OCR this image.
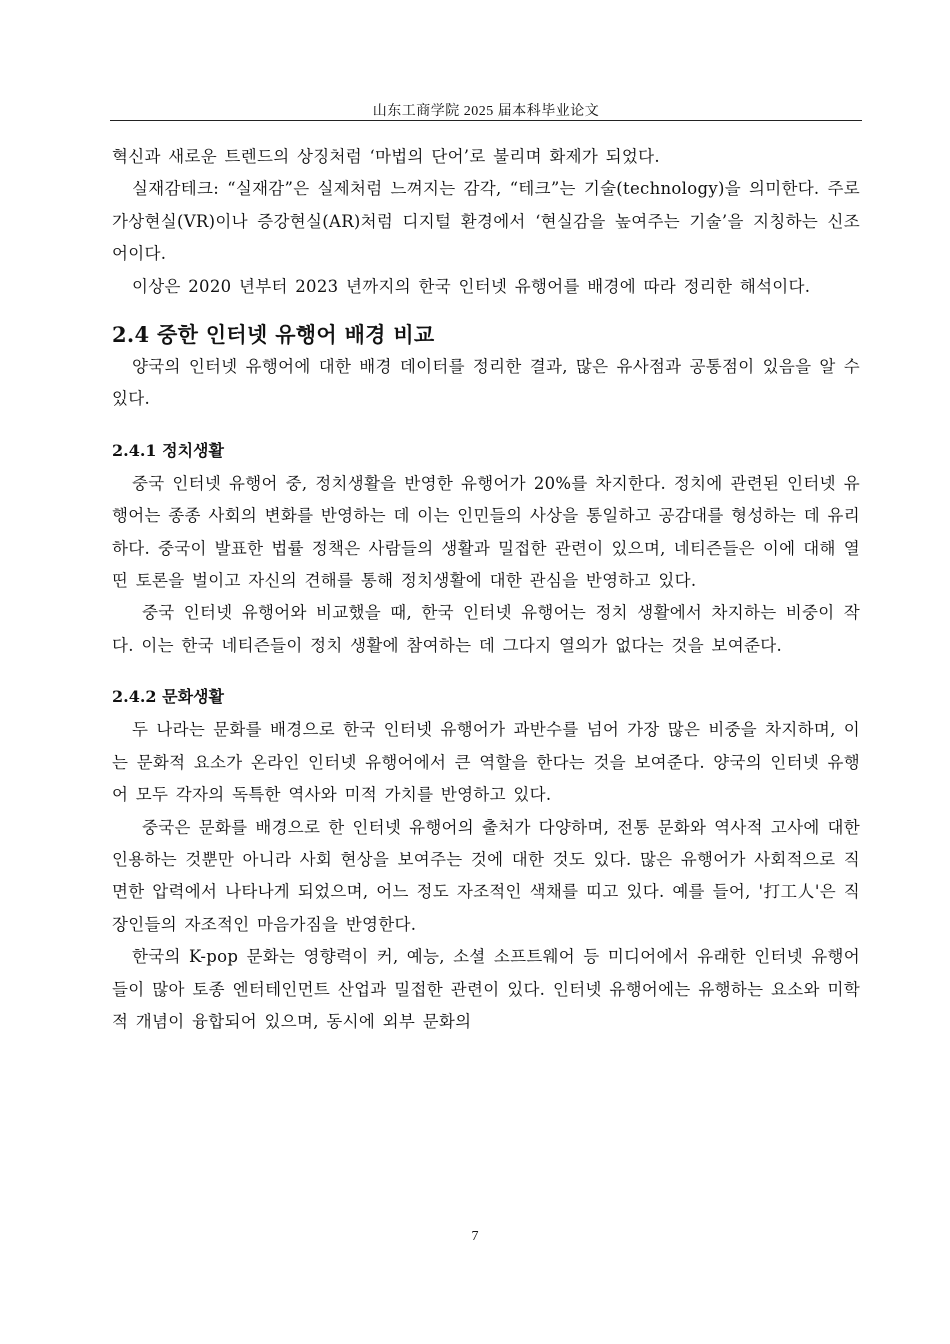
山东工商学院 2025 届本科毕业论文

혁신과 새로운 트렌드의 상징처럼 ‘마법의 단어’로 불리며 화제가 되었다.

실재감테크: “실재감”은 실제처럼 느껴지는 감각, “테크”는 기술(technology)을 의미한다. 주로 가상현실(VR)이나 증강현실(AR)처럼 디지털 환경에서 ‘현실감을 높여주는 기술’을 지칭하는 신조어이다.

이상은 2020 년부터 2023 년까지의 한국 인터넷 유행어를 배경에 따라 정리한 해석이다.

2.4 중한 인터넷 유행어 배경 비교

양국의 인터넷 유행어에 대한 배경 데이터를 정리한 결과, 많은 유사점과 공통점이 있음을 알 수 있다.

2.4.1 정치생활

중국 인터넷 유행어 중, 정치생활을 반영한 유행어가 20%를 차지한다. 정치에 관련된 인터넷 유행어는 종종 사회의 변화를 반영하는 데 이는 인민들의 사상을 통일하고 공감대를 형성하는 데 유리하다. 중국이 발표한 법률 정책은 사람들의 생활과 밀접한 관련이 있으며, 네티즌들은 이에 대해 열띤 토론을 벌이고 자신의 견해를 통해 정치생활에 대한 관심을 반영하고 있다.

중국 인터넷 유행어와 비교했을 때, 한국 인터넷 유행어는 정치 생활에서 차지하는 비중이 작다. 이는 한국 네티즌들이 정치 생활에 참여하는 데 그다지 열의가 없다는 것을 보여준다.

2.4.2 문화생활

두 나라는 문화를 배경으로 한국 인터넷 유행어가 과반수를 넘어 가장 많은 비중을 차지하며, 이는 문화적 요소가 온라인 인터넷 유행어에서 큰 역할을 한다는 것을 보여준다. 양국의 인터넷 유행어 모두 각자의 독특한 역사와 미적 가치를 반영하고 있다.

중국은 문화를 배경으로 한 인터넷 유행어의 출처가 다양하며, 전통 문화와 역사적 고사에 대한 인용하는 것뿐만 아니라 사회 현상을 보여주는 것에 대한 것도 있다. 많은 유행어가 사회적으로 직면한 압력에서 나타나게 되었으며, 어느 정도 자조적인 색채를 띠고 있다. 예를 들어, '打工人'은 직장인들의 자조적인 마음가짐을 반영한다.

한국의 K-pop 문화는 영향력이 커, 예능, 소셜 소프트웨어 등 미디어에서 유래한 인터넷 유행어들이 많아 토종 엔터테인먼트 산업과 밀접한 관련이 있다. 인터넷 유행어에는 유행하는 요소와 미학적 개념이 융합되어 있으며, 동시에 외부 문화의

7
